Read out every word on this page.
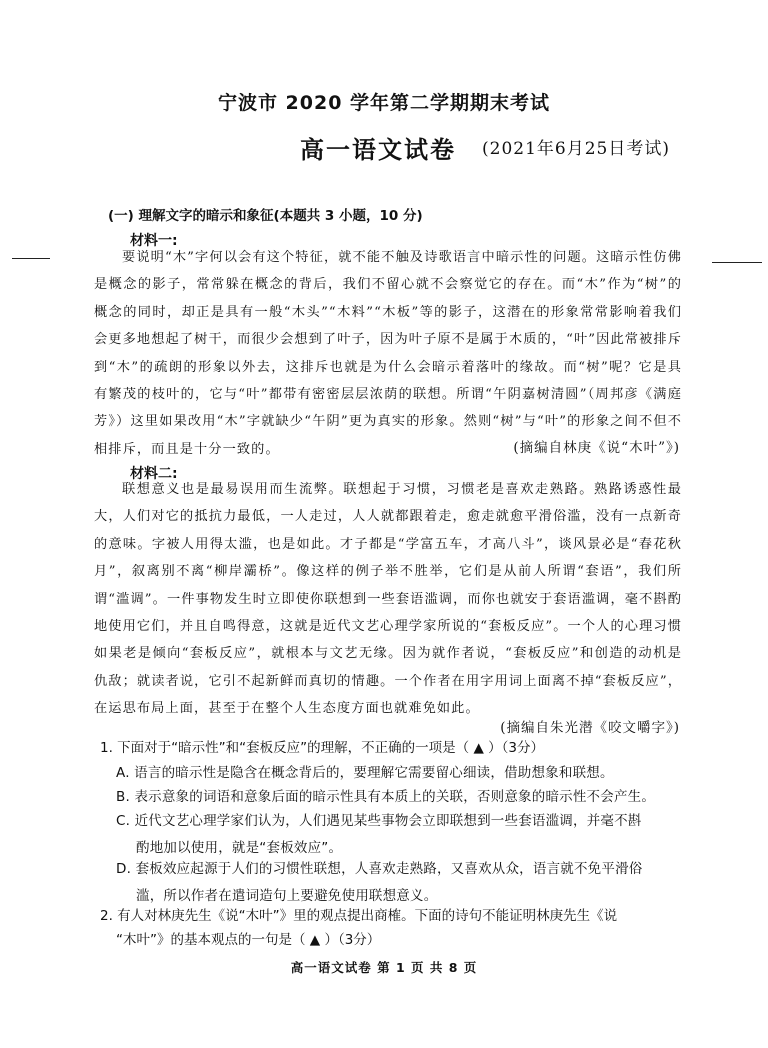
宁波市 2020 学年第二学期期末考试
高一语文试卷 (2021年6月25日考试)
(一) 理解文字的暗示和象征(本题共 3 小题，10 分)
材料一:

要说明“木”字何以会有这个特征，就不能不触及诗歌语言中暗示性的问题。这暗示性仿佛是概念的影子，常常躲在概念的背后，我们不留心就不会察觉它的存在。而“木”作为“树”的概念的同时，却正是具有一般“木头”“木料”“木板”等的影子，这潜在的形象常常影响着我们会更多地想起了树干，而很少会想到了叶子，因为叶子原不是属于木质的，“叶”因此常被排斥到“木”的疏朗的形象以外去，这排斥也就是为什么会暗示着落叶的缘故。而“树”呢？它是具有繁茂的枝叶的，它与“叶”都带有密密层层浓荫的联想。所谓“午阴嘉树清圆”（周邦彦《满庭芳》）这里如果改用“木”字就缺少“午阴”更为真实的形象。然则“树”与“叶”的形象之间不但不相排斥，而且是十分一致的。	(摘编自林庚《说“木叶”》)
材料二:

联想意义也是最易误用而生流弊。联想起于习惯，习惯老是喜欢走熟路。熟路诱惑性最大，人们对它的抵抗力最低，一人走过，人人就都跟着走，愈走就愈平滑俗滥，没有一点新奇的意味。字被人用得太滥，也是如此。才子都是“学富五车，才高八斗”，谈风景必是“春花秋月”，叙离别不离“柳岸灞桥”。像这样的例子举不胜举，它们是从前人所谓“套语”，我们所谓“滥调”。一件事物发生时立即使你联想到一些套语滥调，而你也就安于套语滥调，毫不斟酌地使用它们，并且自鸣得意，这就是近代文艺心理学家所说的“套板反应”。一个人的心理习惯如果老是倾向“套板反应”，就根本与文艺无缘。因为就作者说，“套板反应”和创造的动机是仇敌；就读者说，它引不起新鲜而真切的情趣。一个作者在用字用词上面离不掉“套板反应”，在运思布局上面，甚至于在整个人生态度方面也就难免如此。

(摘编自朱光潜《咬文嚼字》)

1. 下面对于“暗示性”和“套板反应”的理解，不正确的一项是（ ▲ ）（3分）

A. 语言的暗示性是隐含在概念背后的，要理解它需要留心细读，借助想象和联想。

B. 表示意象的词语和意象后面的暗示性具有本质上的关联，否则意象的暗示性不会产生。

C. 近代文艺心理学家们认为，人们遇见某些事物会立即联想到一些套语滥调，并毫不斟
酌地加以使用，就是“套板效应”。

D. 套板效应起源于人们的习惯性联想，人喜欢走熟路，又喜欢从众，语言就不免平滑俗
滥，所以作者在遣词造句上要避免使用联想意义。

2. 有人对林庚先生《说“木叶”》里的观点提出商榷。下面的诗句不能证明林庚先生《说
“木叶”》的基本观点的一句是（ ▲ ）（3分）

高一语文试卷 第 1 页 共 8 页
